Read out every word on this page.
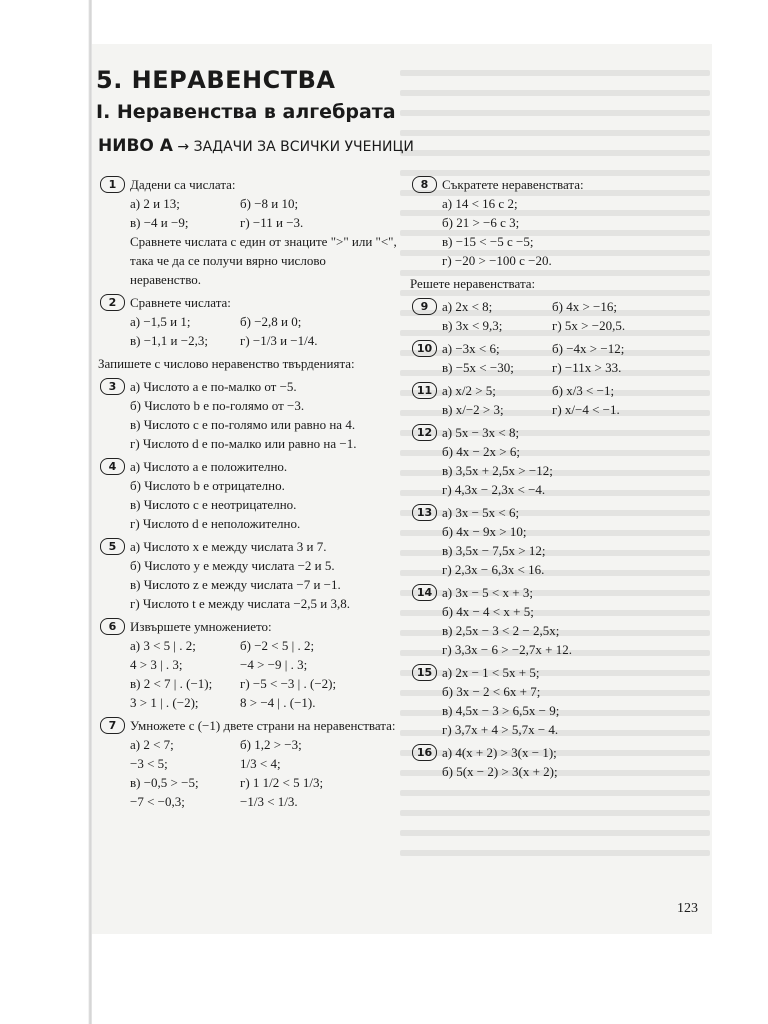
5. НЕРАВЕНСТВА
I. Неравенства в алгебрата
НИВО А → ЗАДАЧИ ЗА ВСИЧКИ УЧЕНИЦИ
1	Дадени са числата:
а) 2 и 13;	б) −8 и 10;
в) −4 и −9;	г) −11 и −3.
Сравнете числата с един от знаците ">" или "<", така че да се получи вярно числово неравенство.
2	Сравнете числата:
а) −1,5 и 1;	б) −2,8 и 0;
в) −1,1 и −2,3;	г) −1/3 и −1/4.
Запишете с числово неравенство твърденията:
3	а) Числото a е по-малко от −5.
б) Числото b е по-голямо от −3.
в) Числото c е по-голямо или равно на 4.
г) Числото d е по-малко или равно на −1.
4	а) Числото a е положително.
б) Числото b е отрицателно.
в) Числото c е неотрицателно.
г) Числото d е неположително.
5	а) Числото x е между числата 3 и 7.
б) Числото y е между числата −2 и 5.
в) Числото z е между числата −7 и −1.
г) Числото t е между числата −2,5 и 3,8.
6	Извършете умножението:
а) 3 < 5 | . 2;	б) −2 < 5 | . 2;
4 > 3 | . 3;	−4 > −9 | . 3;
в) 2 < 7 | . (−1);	г) −5 < −3 | . (−2);
3 > 1 | . (−2);	8 > −4 | . (−1).
7	Умножете с (−1) двете страни на неравенствата:
а) 2 < 7;	б) 1,2 > −3;
−3 < 5;	1/3 < 4;
в) −0,5 > −5;	г) 1 1/2 < 5 1/3;
−7 < −0,3;	−1/3 < 1/3.
8	Съкратете неравенствата:
а) 14 < 16 с 2;
б) 21 > −6 с 3;
в) −15 < −5 с −5;
г) −20 > −100 с −20.
Решете неравенствата:
9	а) 2x < 8;	б) 4x > −16;
в) 3x < 9,3;	г) 5x > −20,5.
10 а) −3x < 6;	б) −4x > −12;
в) −5x < −30;	г) −11x > 33.
11 а) x/2 > 5;	б) x/3 < −1;
в) x/−2 > 3;	г) x/−4 < −1.
12 а) 5x − 3x < 8;
б) 4x − 2x > 6;
в) 3,5x + 2,5x > −12;
г) 4,3x − 2,3x < −4.
13 а) 3x − 5x < 6;
б) 4x − 9x > 10;
в) 3,5x − 7,5x > 12;
г) 2,3x − 6,3x < 16.
14 а) 3x − 5 < x + 3;
б) 4x − 4 < x + 5;
в) 2,5x − 3 < 2 − 2,5x;
г) 3,3x − 6 > −2,7x + 12.
15 а) 2x − 1 < 5x + 5;
б) 3x − 2 < 6x + 7;
в) 4,5x − 3 > 6,5x − 9;
г) 3,7x + 4 > 5,7x − 4.
16 а) 4(x + 2) > 3(x − 1);
б) 5(x − 2) > 3(x + 2);
123
